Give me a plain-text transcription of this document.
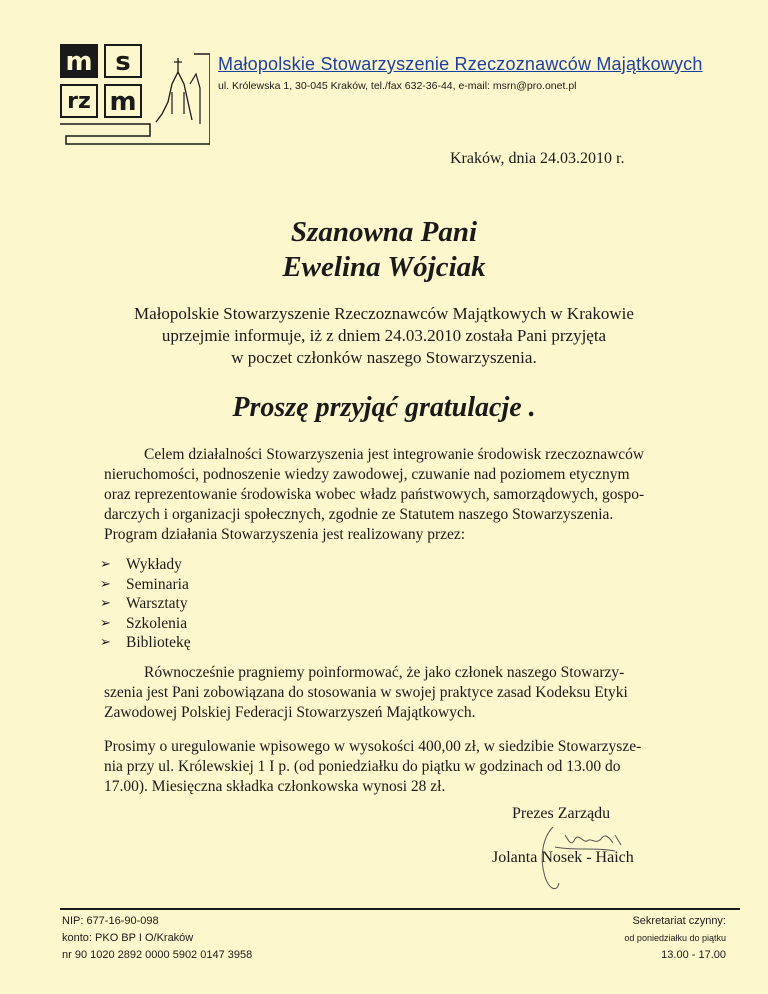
m s
rz m
Małopolskie Stowarzyszenie Rzeczoznawców Majątkowych
ul. Królewska 1, 30-045 Kraków, tel./fax 632-36-44, e-mail: msrn@pro.onet.pl
Kraków, dnia 24.03.2010 r.
Szanowna Pani
Ewelina Wójciak
Małopolskie Stowarzyszenie Rzeczoznawców Majątkowych w Krakowie
uprzejmie informuje, iż z dniem 24.03.2010 została Pani przyjęta
w poczet członków naszego Stowarzyszenia.
Proszę przyjąć gratulacje .
Celem działalności Stowarzyszenia jest integrowanie środowisk rzeczoznawców
nieruchomości, podnoszenie wiedzy zawodowej, czuwanie nad poziomem etycznym
oraz reprezentowanie środowiska wobec władz państwowych, samorządowych, gospo-
darczych i organizacji społecznych, zgodnie ze Statutem naszego Stowarzyszenia.
Program działania Stowarzyszenia jest realizowany przez:
➢ Wykłady
➢ Seminaria
➢ Warsztaty
➢ Szkolenia
➢ Bibliotekę
Równocześnie pragniemy poinformować, że jako członek naszego Stowarzy-
szenia jest Pani zobowiązana do stosowania w swojej praktyce zasad Kodeksu Etyki
Zawodowej Polskiej Federacji Stowarzyszeń Majątkowych.
Prosimy o uregulowanie wpisowego w wysokości 400,00 zł, w siedzibie Stowarzysze-
nia przy ul. Królewskiej 1 I p. (od poniedziałku do piątku w godzinach od 13.00 do
17.00). Miesięczna składka członkowska wynosi 28 zł.
Prezes Zarządu
Jolanta Nosek - Haich
NIP: 677-16-90-098
konto: PKO BP I O/Kraków
nr 90 1020 2892 0000 5902 0147 3958
Sekretariat czynny:
od poniedziałku do piątku
13.00 - 17.00
